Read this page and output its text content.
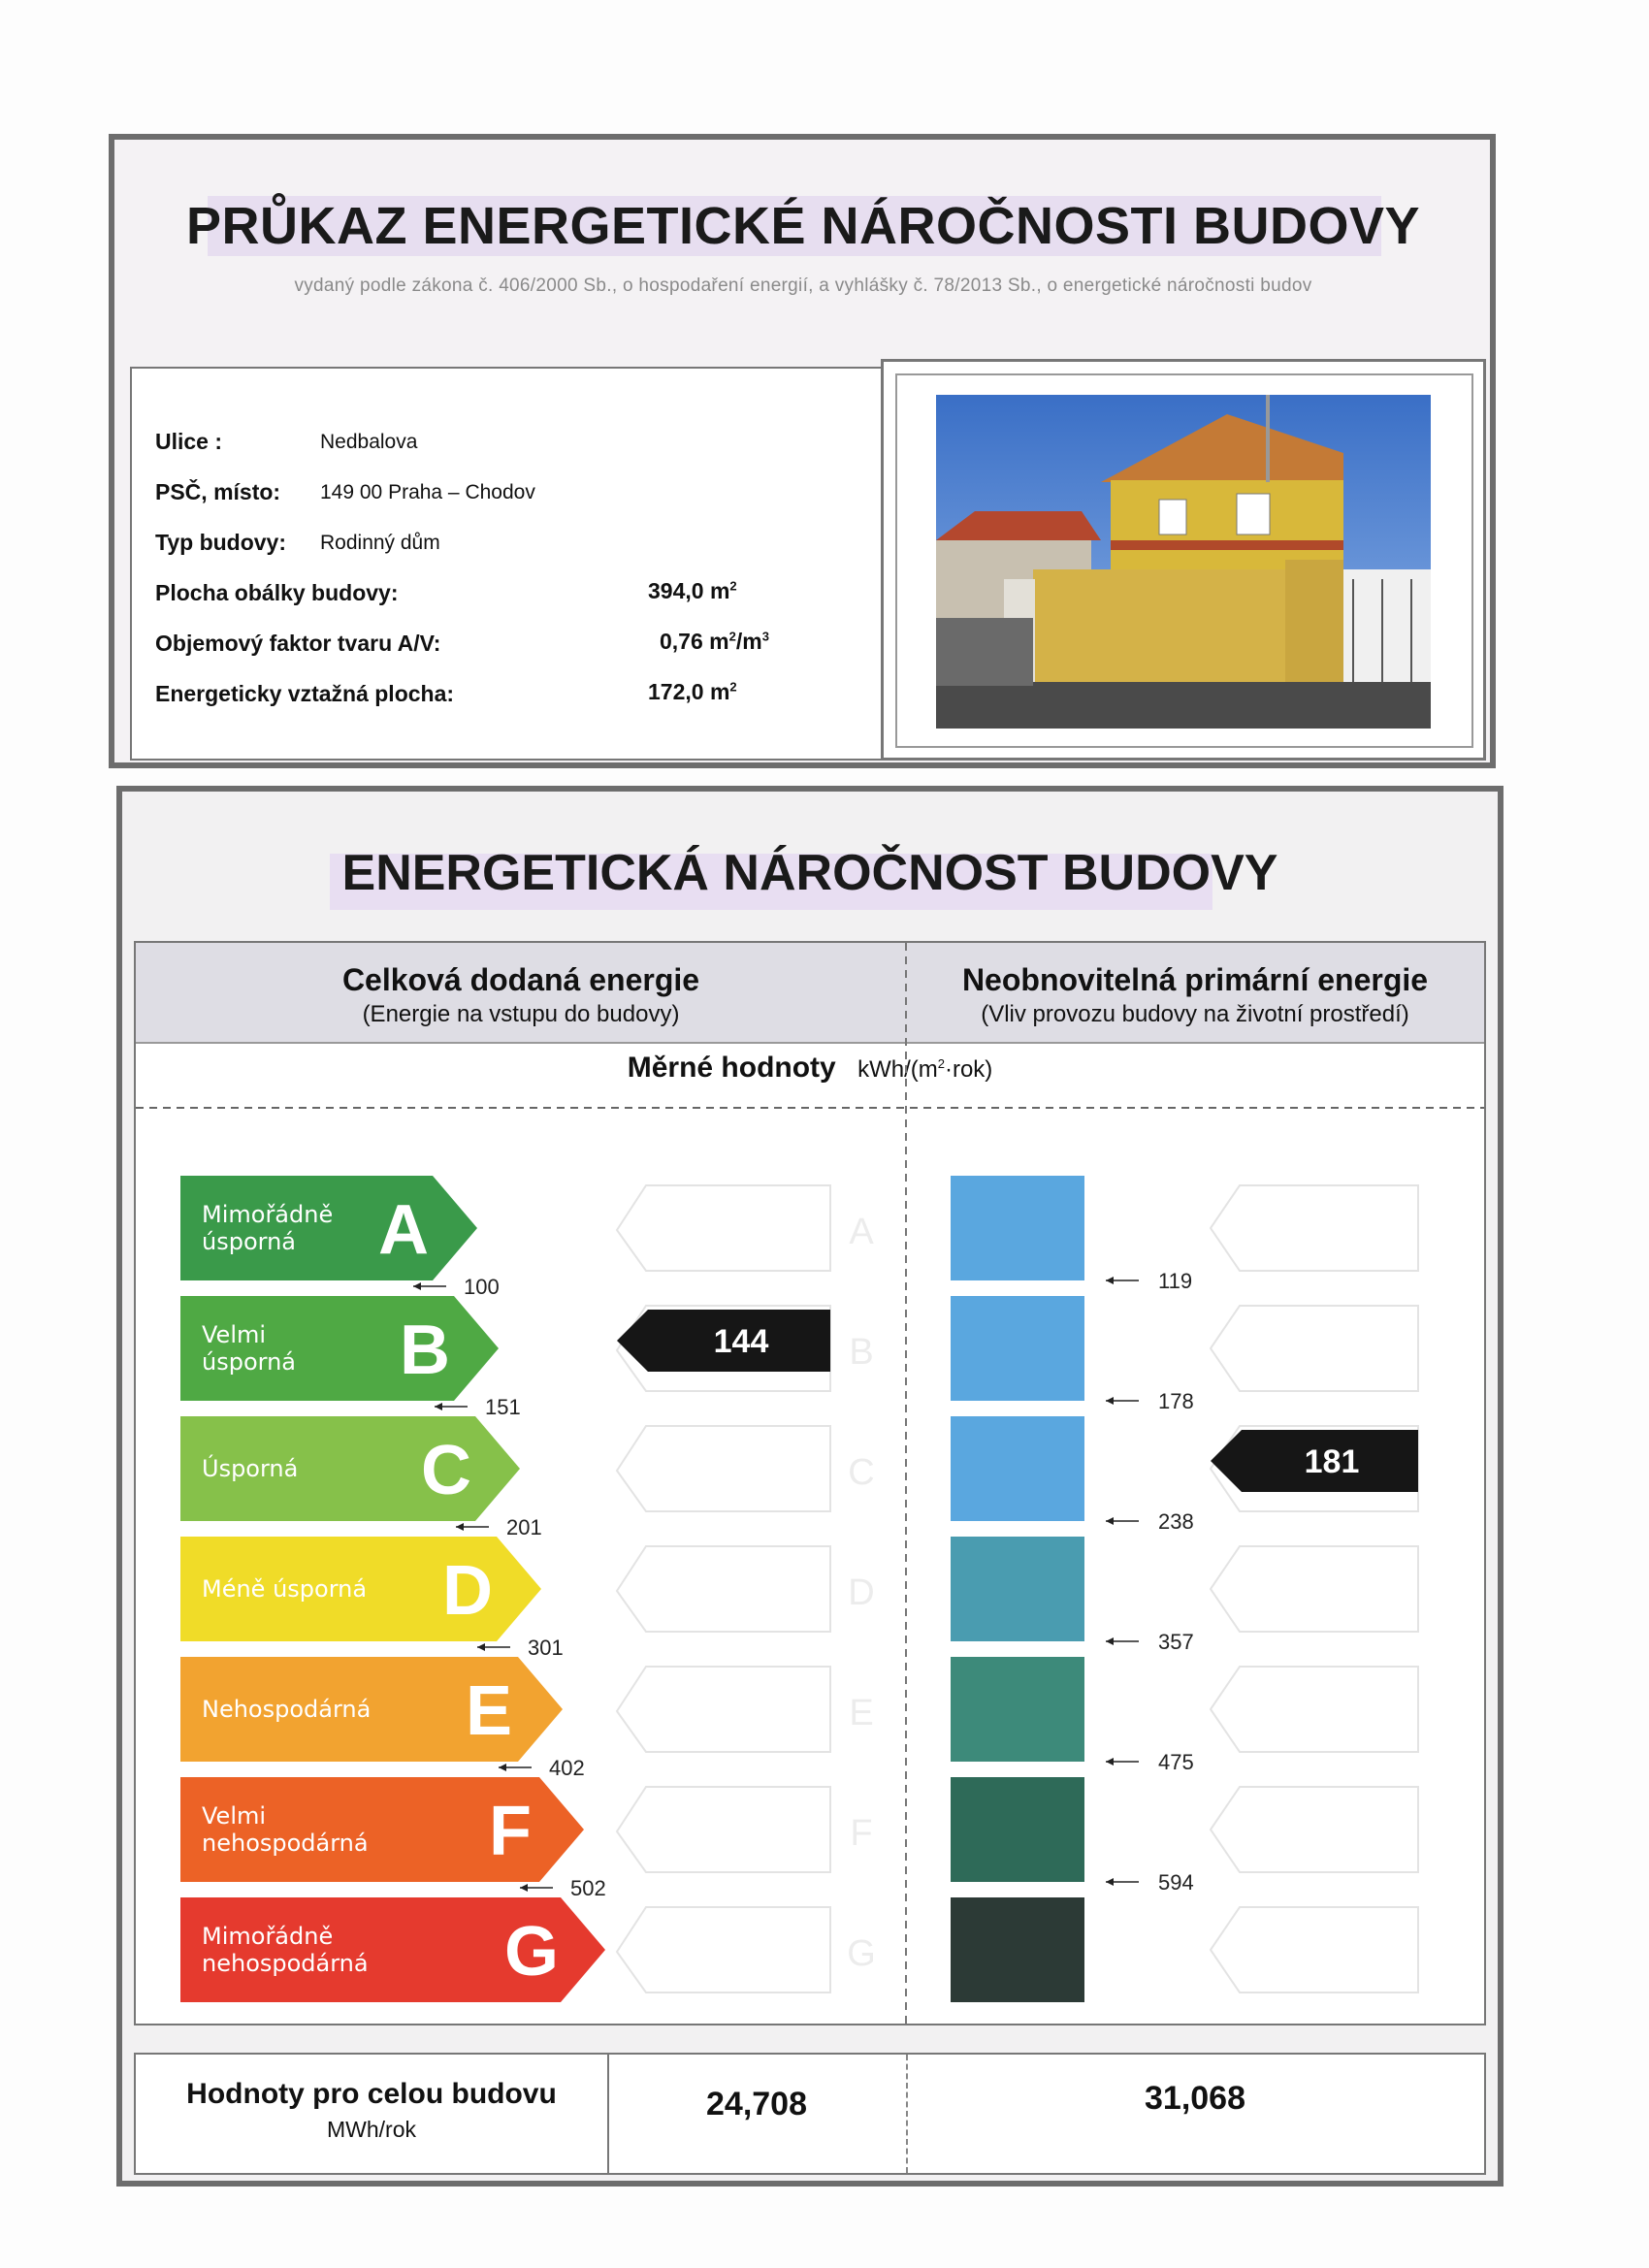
PRŮKAZ ENERGETICKÉ NÁROČNOSTI BUDOVY
vydaný podle zákona č. 406/2000 Sb., o hospodaření energií, a vyhlášky č. 78/2013 Sb., o energetické náročnosti budov
Ulice :	Nedbalova
PSČ, místo: 149 00 Praha – Chodov
Typ budovy: Rodinný dům
Plocha obálky budovy:	394,0 $m^2$
Objemový faktor tvaru A/V:	0,76 $m^2/m^3$
Energeticky vztažná plocha:	172,0 $m^2$
ENERGETICKÁ NÁROČNOST BUDOVY
Celková dodaná energie
(Energie na vstupu do budovy)
Neobnovitelná primární energie
(Vliv provozu budovy na životní prostředí)
Měrné hodnoty kWh/$(m^2\cdot rok)$
Mimořádně
úsporná A	A
Velmi
úsporná B	B
Úsporná C	C
Méně úsporná D	D
Nehospodárná E	E
Velmi
nehospodárná F	F
Mimořádně
nehospodárná G	G
100
151
201
301
402
502
119
178
238
357
475
594
144
181
Hodnoty pro celou budovu
MWh/rok
24,708	31,068
